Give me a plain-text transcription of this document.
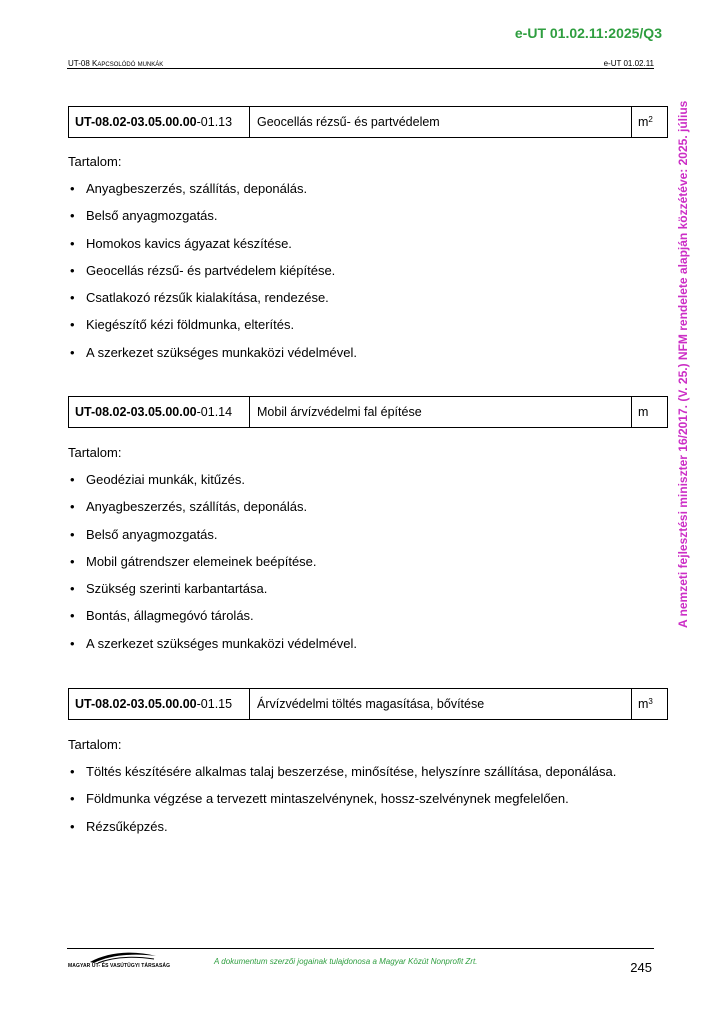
e-UT 01.02.11:2025/Q3
UT-08 Kapcsolódó munkák	e-UT 01.02.11
UT-08.02-03.05.00.00 -01.13	Geocellás rézsű- és partvédelem	$m^2$
Tartalom:
• Anyagbeszerzés, szállítás, deponálás.
• Belső anyagmozgatás.
• Homokos kavics ágyazat készítése.
• Geocellás rézsű- és partvédelem kiépítése.
• Csatlakozó rézsűk kialakítása, rendezése.
• Kiegészítő kézi földmunka, elterítés.
• A szerkezet szükséges munkaközi védelmével.
UT-08.02-03.05.00.00 -01.14	Mobil árvízvédelmi fal építése	m
Tartalom:
• Geodéziai munkák, kitűzés.
• Anyagbeszerzés, szállítás, deponálás.
• Belső anyagmozgatás.
• Mobil gátrendszer elemeinek beépítése.
• Szükség szerinti karbantartása.
• Bontás, állagmegóvó tárolás.
• A szerkezet szükséges munkaközi védelmével.
UT-08.02-03.05.00.00 -01.15	Árvízvédelmi töltés magasítása, bővítése	$m^3$
Tartalom:
• Töltés készítésére alkalmas talaj beszerzése, minősítése, helyszínre szállítása, deponálása.
• Földmunka végzése a tervezett mintaszelvénynek, hossz-szelvénynek megfelelően.
• Rézsűképzés.
A nemzeti fejlesztési miniszter 16/2017. (V. 25.) NFM rendelete alapján közzétéve: 2025. július
MAGYAR ÚT- ÉS VASÚTÜGYI TÁRSASÁG	A dokumentum szerzői jogainak tulajdonosa a Magyar Közút Nonprofit Zrt.	245
